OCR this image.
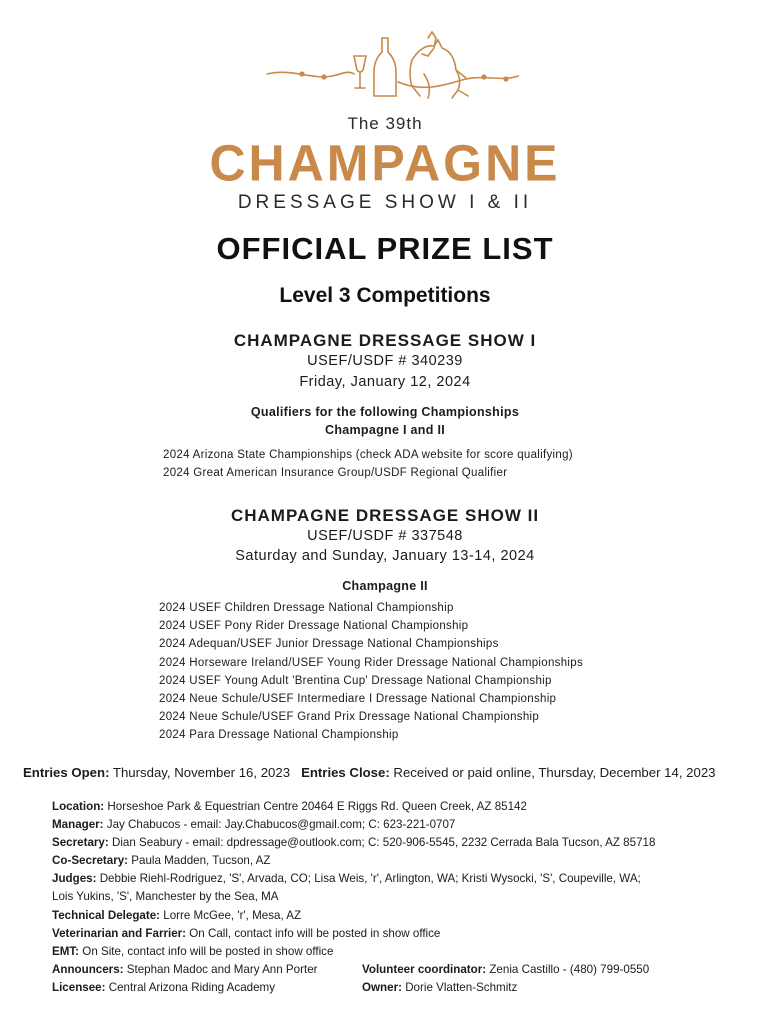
The 39th
CHAMPAGNE
DRESSAGE SHOW I & II
OFFICIAL PRIZE LIST
Level 3 Competitions
CHAMPAGNE DRESSAGE SHOW I
USEF/USDF # 340239
Friday, January 12, 2024
Qualifiers for the following Championships
Champagne I and II
2024 Arizona State Championships (check ADA website for score qualifying)
2024 Great American Insurance Group/USDF Regional Qualifier
CHAMPAGNE DRESSAGE SHOW II
USEF/USDF # 337548
Saturday and Sunday, January 13-14, 2024
Champagne II
2024 USEF Children Dressage National Championship
2024 USEF Pony Rider Dressage National Championship
2024 Adequan/USEF Junior Dressage National Championships
2024 Horseware Ireland/USEF Young Rider Dressage National Championships
2024 USEF Young Adult 'Brentina Cup' Dressage National Championship
2024 Neue Schule/USEF Intermediare I Dressage National Championship
2024 Neue Schule/USEF Grand Prix Dressage National Championship
2024 Para Dressage National Championship
Entries Open: Thursday, November 16, 2023 Entries Close: Received or paid online, Thursday, December 14, 2023
Location: Horseshoe Park & Equestrian Centre 20464 E Riggs Rd. Queen Creek, AZ 85142
Manager: Jay Chabucos - email: Jay.Chabucos@gmail.com; C: 623-221-0707
Secretary: Dian Seabury - email: dpdressage@outlook.com; C: 520-906-5545, 2232 Cerrada Bala Tucson, AZ 85718
Co-Secretary: Paula Madden, Tucson, AZ
Judges: Debbie Riehl-Rodriguez, 'S', Arvada, CO; Lisa Weis, 'r', Arlington, WA; Kristi Wysocki, 'S', Coupeville, WA;
Lois Yukins, 'S', Manchester by the Sea, MA
Technical Delegate: Lorre McGee, 'r', Mesa, AZ
Veterinarian and Farrier: On Call, contact info will be posted in show office
EMT: On Site, contact info will be posted in show office
Announcers: Stephan Madoc and Mary Ann Porter	Volunteer coordinator: Zenia Castillo - (480) 799-0550
Licensee: Central Arizona Riding Academy	Owner: Dorie Vlatten-Schmitz
